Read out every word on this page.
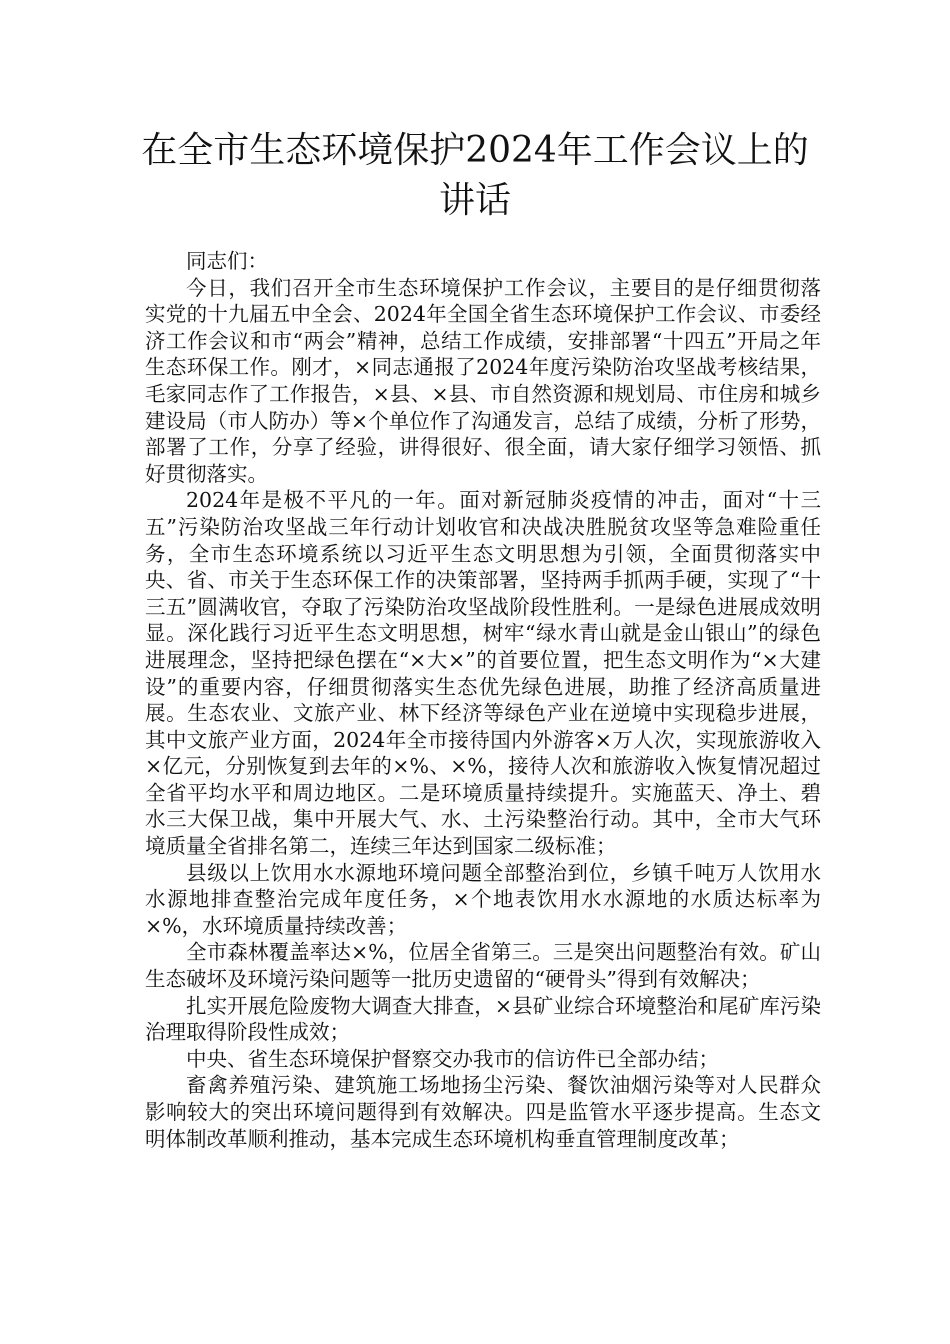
在全市生态环境保护2024年工作会议上的
讲话

同志们：

今日，我们召开全市生态环境保护工作会议，主要目的是仔细贯彻落实党的十九届五中全会、2024年全国全省生态环境保护工作会议、市委经济工作会议和市“两会”精神，总结工作成绩，安排部署“十四五”开局之年生态环保工作。刚才，×同志通报了2024年度污染防治攻坚战考核结果，毛家同志作了工作报告，×县、×县、市自然资源和规划局、市住房和城乡建设局（市人防办）等×个单位作了沟通发言，总结了成绩，分析了形势，部署了工作，分享了经验，讲得很好、很全面，请大家仔细学习领悟、抓好贯彻落实。

2024年是极不平凡的一年。面对新冠肺炎疫情的冲击，面对“十三五”污染防治攻坚战三年行动计划收官和决战决胜脱贫攻坚等急难险重任务，全市生态环境系统以习近平生态文明思想为引领，全面贯彻落实中央、省、市关于生态环保工作的决策部署，坚持两手抓两手硬，实现了“十三五”圆满收官，夺取了污染防治攻坚战阶段性胜利。一是绿色进展成效明显。深化践行习近平生态文明思想，树牢“绿水青山就是金山银山”的绿色进展理念，坚持把绿色摆在“×大×”的首要位置，把生态文明作为“×大建设”的重要内容，仔细贯彻落实生态优先绿色进展，助推了经济高质量进展。生态农业、文旅产业、林下经济等绿色产业在逆境中实现稳步进展，其中文旅产业方面，2024年全市接待国内外游客×万人次，实现旅游收入×亿元，分别恢复到去年的×%、×%，接待人次和旅游收入恢复情况超过全省平均水平和周边地区。二是环境质量持续提升。实施蓝天、净土、碧水三大保卫战，集中开展大气、水、土污染整治行动。其中，全市大气环境质量全省排名第二，连续三年达到国家二级标准；

县级以上饮用水水源地环境问题全部整治到位，乡镇千吨万人饮用水水源地排查整治完成年度任务，×个地表饮用水水源地的水质达标率为×%，水环境质量持续改善；

全市森林覆盖率达×%，位居全省第三。三是突出问题整治有效。矿山生态破坏及环境污染问题等一批历史遗留的“硬骨头”得到有效解决；

扎实开展危险废物大调查大排查，×县矿业综合环境整治和尾矿库污染治理取得阶段性成效；

中央、省生态环境保护督察交办我市的信访件已全部办结；

畜禽养殖污染、建筑施工场地扬尘污染、餐饮油烟污染等对人民群众影响较大的突出环境问题得到有效解决。四是监管水平逐步提高。生态文明体制改革顺利推动，基本完成生态环境机构垂直管理制度改革；
